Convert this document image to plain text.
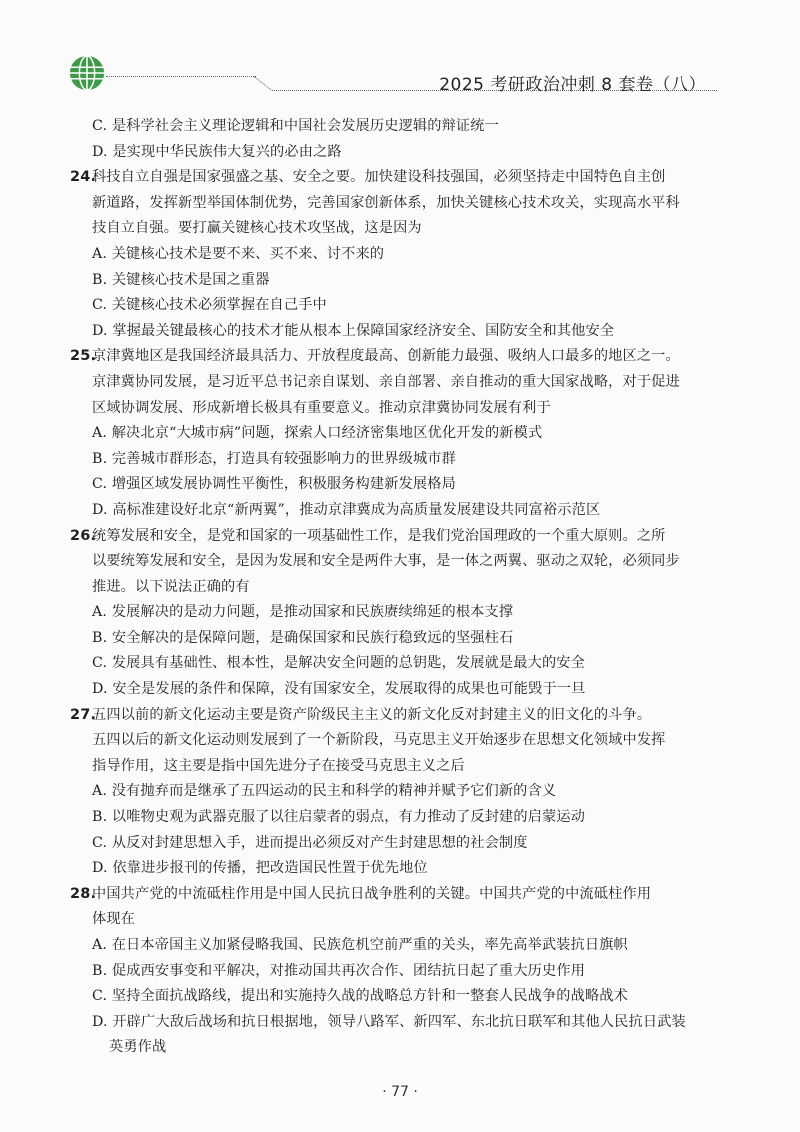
2025 考研政治冲刺 8 套卷（八）
C. 是科学社会主义理论逻辑和中国社会发展历史逻辑的辩证统一
D. 是实现中华民族伟大复兴的必由之路
24.
科技自立自强是国家强盛之基、安全之要。加快建设科技强国，必须坚持走中国特色自主创
新道路，发挥新型举国体制优势，完善国家创新体系，加快关键核心技术攻关，实现高水平科
技自立自强。要打赢关键核心技术攻坚战，这是因为
A. 关键核心技术是要不来、买不来、讨不来的
B. 关键核心技术是国之重器
C. 关键核心技术必须掌握在自己手中
D. 掌握最关键最核心的技术才能从根本上保障国家经济安全、国防安全和其他安全
25.
京津冀地区是我国经济最具活力、开放程度最高、创新能力最强、吸纳人口最多的地区之一。
京津冀协同发展，是习近平总书记亲自谋划、亲自部署、亲自推动的重大国家战略，对于促进
区域协调发展、形成新增长极具有重要意义。推动京津冀协同发展有利于
A. 解决北京“大城市病”问题，探索人口经济密集地区优化开发的新模式
B. 完善城市群形态，打造具有较强影响力的世界级城市群
C. 增强区域发展协调性平衡性，积极服务构建新发展格局
D. 高标准建设好北京“新两翼”，推动京津冀成为高质量发展建设共同富裕示范区
26.
统筹发展和安全，是党和国家的一项基础性工作，是我们党治国理政的一个重大原则。之所
以要统筹发展和安全，是因为发展和安全是两件大事，是一体之两翼、驱动之双轮，必须同步
推进。以下说法正确的有
A. 发展解决的是动力问题，是推动国家和民族赓续绵延的根本支撑
B. 安全解决的是保障问题，是确保国家和民族行稳致远的坚强柱石
C. 发展具有基础性、根本性，是解决安全问题的总钥匙，发展就是最大的安全
D. 安全是发展的条件和保障，没有国家安全，发展取得的成果也可能毁于一旦
27.
五四以前的新文化运动主要是资产阶级民主主义的新文化反对封建主义的旧文化的斗争。
五四以后的新文化运动则发展到了一个新阶段，马克思主义开始逐步在思想文化领域中发挥
指导作用，这主要是指中国先进分子在接受马克思主义之后
A. 没有抛弃而是继承了五四运动的民主和科学的精神并赋予它们新的含义
B. 以唯物史观为武器克服了以往启蒙者的弱点，有力推动了反封建的启蒙运动
C. 从反对封建思想入手，进而提出必须反对产生封建思想的社会制度
D. 依靠进步报刊的传播，把改造国民性置于优先地位
28.
中国共产党的中流砥柱作用是中国人民抗日战争胜利的关键。中国共产党的中流砥柱作用
体现在
A. 在日本帝国主义加紧侵略我国、民族危机空前严重的关头，率先高举武装抗日旗帜
B. 促成西安事变和平解决，对推动国共再次合作、团结抗日起了重大历史作用
C. 坚持全面抗战路线，提出和实施持久战的战略总方针和一整套人民战争的战略战术
D. 开辟广大敌后战场和抗日根据地，领导八路军、新四军、东北抗日联军和其他人民抗日武装
英勇作战
· 77 ·
